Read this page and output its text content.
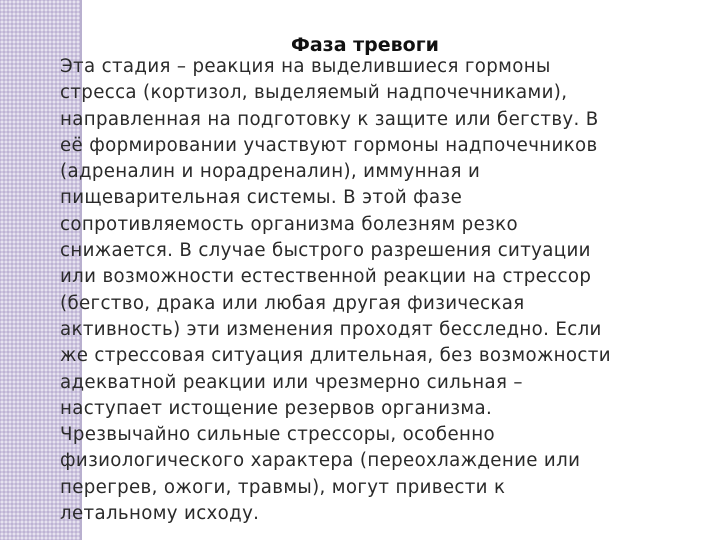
Фаза тревоги
Эта стадия – реакция на выделившиеся гормоны
стресса (кортизол, выделяемый надпочечниками),
направленная на подготовку к защите или бегству. В
её формировании участвуют гормоны надпочечников
(адреналин и норадреналин), иммунная и
пищеварительная системы. В этой фазе
сопротивляемость организма болезням резко
снижается. В случае быстрого разрешения ситуации
или возможности естественной реакции на стрессор
(бегство, драка или любая другая физическая
активность) эти изменения проходят бесследно. Если
же стрессовая ситуация длительная, без возможности
адекватной реакции или чрезмерно сильная –
наступает истощение резервов организма.
Чрезвычайно сильные стрессоры, особенно
физиологического характера (переохлаждение или
перегрев, ожоги, травмы), могут привести к
летальному исходу.
